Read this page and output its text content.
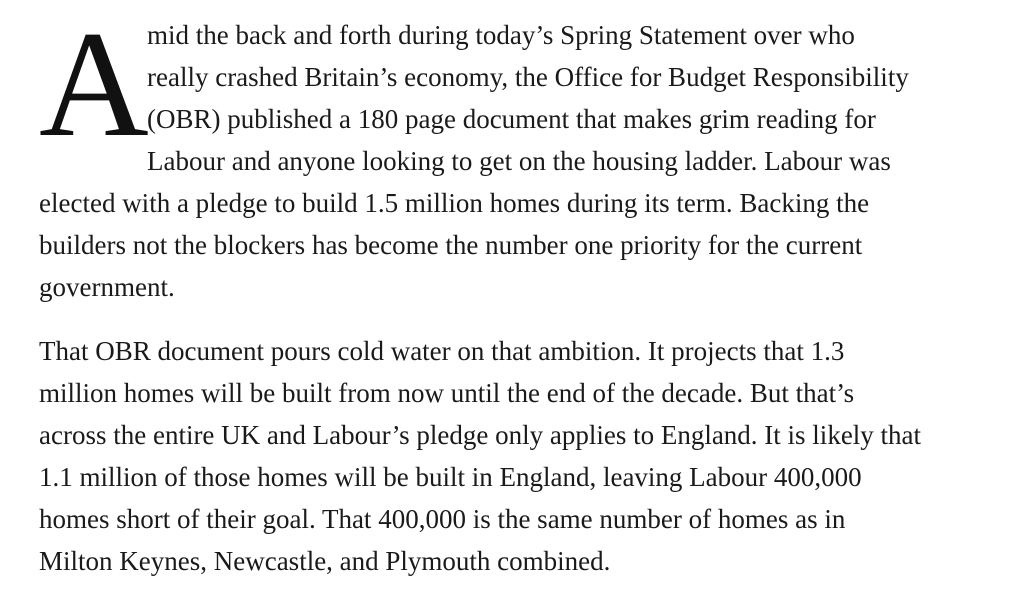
A
mid the back and forth during today’s Spring Statement over who
really crashed Britain’s economy, the Office for Budget Responsibility
(OBR) published a 180 page document that makes grim reading for
Labour and anyone looking to get on the housing ladder. Labour was
elected with a pledge to build 1.5 million homes during its term. Backing the
builders not the blockers has become the number one priority for the current
government.

That OBR document pours cold water on that ambition. It projects that 1.3
million homes will be built from now until the end of the decade. But that’s
across the entire UK and Labour’s pledge only applies to England. It is likely that
1.1 million of those homes will be built in England, leaving Labour 400,000
homes short of their goal. That 400,000 is the same number of homes as in
Milton Keynes, Newcastle, and Plymouth combined.
